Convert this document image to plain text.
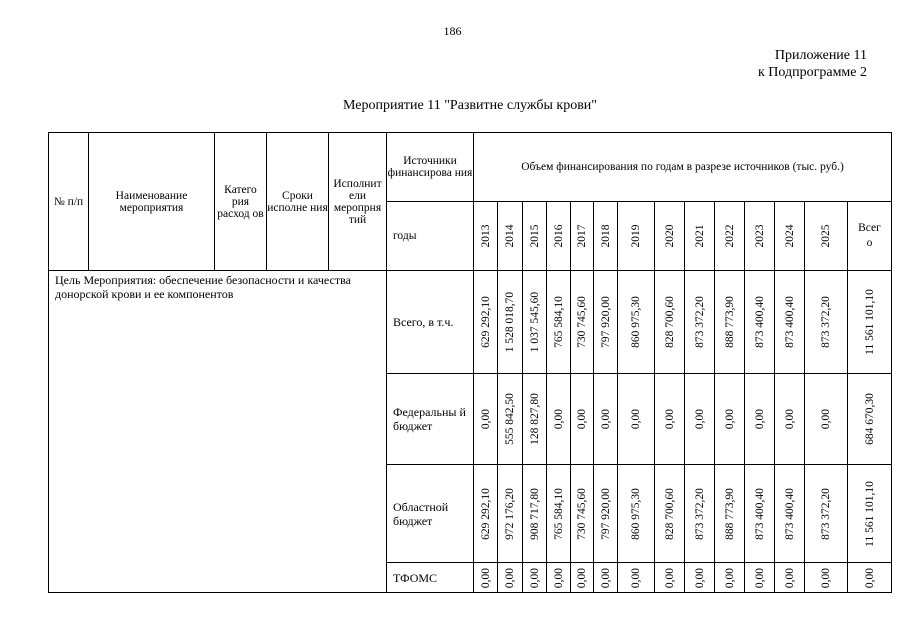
186
Приложение 11
к Подпрограмме 2
Мероприятие 11 "Развитне службы крови"
№ п/п	Наименование мероприятия	Катего рия расход ов	Сроки исполне ния	Исполнит ели меропрня тий	Источники финансирова ния	Объем финансирования по годам в разрезе источников (тыс. руб.)													
					годы	2013	2014	2015	2016	2017	2018	2019	2020	2021	2022	2023	2024	2025	Всег о

Цель Мероприятия: обеспечение безопасности и качества донорской крови и ее компонентов					Всего, в т.ч.	629 292,10	1 528 018,70	1 037 545,60	765 584,10	730 745,60	797 920,00	860 975,30	828 700,60	873 372,20	888 773,90	873 400,40	873 400,40	873 372,20	11 561 101,10

					Федеральны й бюджет	0,00	555 842,50	128 827,80	0,00	0,00	0,00	0,00	0,00	0,00	0,00	0,00	0,00	0,00	684 670,30

					Областной бюджет	629 292,10	972 176,20	908 717,80	765 584,10	730 745,60	797 920,00	860 975,30	828 700,60	873 372,20	888 773,90	873 400,40	873 400,40	873 372,20	11 561 101,10

					ТФОМС	0,00	0,00	0,00	0,00	0,00	0,00	0,00	0,00	0,00	0,00	0,00	0,00	0,00	0,00
